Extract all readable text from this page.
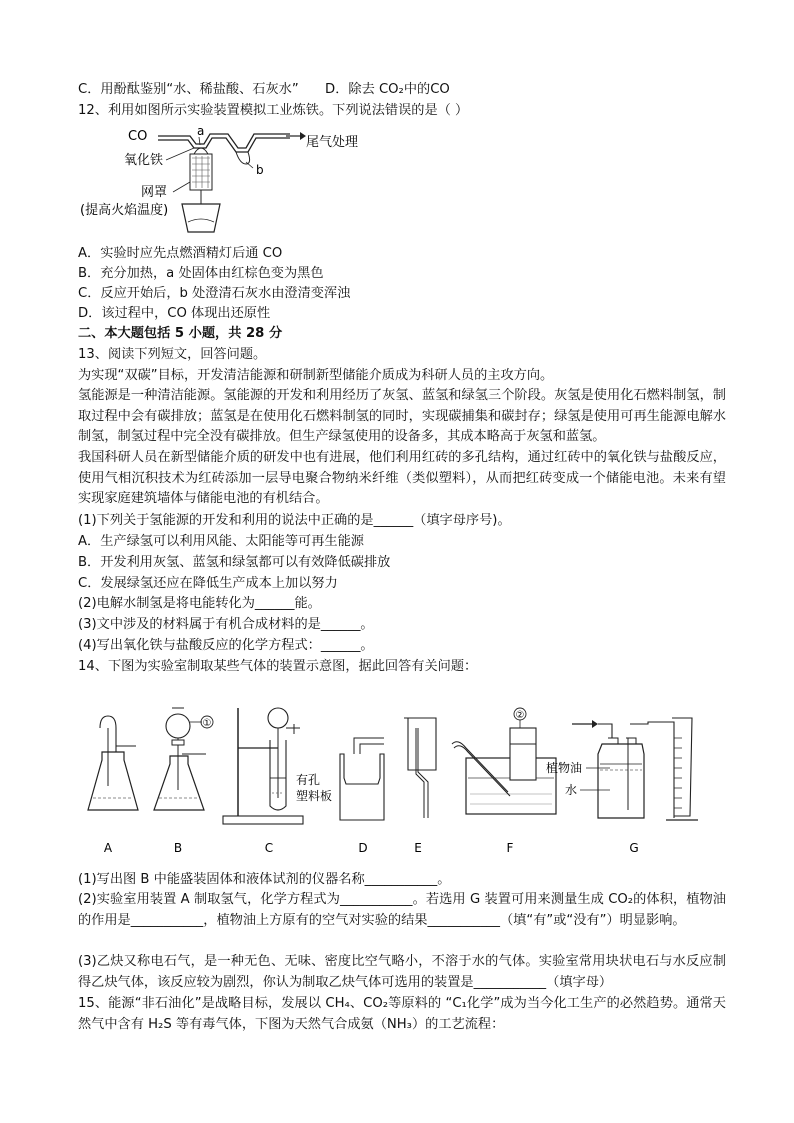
C．用酚酞鉴别“水、稀盐酸、石灰水”　　D．除去 CO₂中的CO
12、利用如图所示实验装置模拟工业炼铁。下列说法错误的是（ ）
CO	a
氧化铁
b
尾气处理
网罩
(提高火焰温度)
A．实验时应先点燃酒精灯后通 CO
B．充分加热，a 处固体由红棕色变为黑色
C．反应开始后，b 处澄清石灰水由澄清变浑浊
D．该过程中，CO 体现出还原性
二、本大题包括 5 小题，共 28 分
13、阅读下列短文，回答问题。
为实现“双碳”目标，开发清洁能源和研制新型储能介质成为科研人员的主攻方向。
氢能源是一种清洁能源。氢能源的开发和利用经历了灰氢、蓝氢和绿氢三个阶段。灰氢是使用化石燃料制氢，制取过程中会有碳排放；蓝氢是在使用化石燃料制氢的同时，实现碳捕集和碳封存；绿氢是使用可再生能源电解水制氢，制氢过程中完全没有碳排放。但生产绿氢使用的设备多，其成本略高于灰氢和蓝氢。
我国科研人员在新型储能介质的研发中也有进展，他们利用红砖的多孔结构，通过红砖中的氧化铁与盐酸反应，使用气相沉积技术为红砖添加一层导电聚合物纳米纤维（类似塑料），从而把红砖变成一个储能电池。未来有望实现家庭建筑墙体与储能电池的有机结合。
(1)下列关于氢能源的开发和利用的说法中正确的是______（填字母序号)。
A．生产绿氢可以利用风能、太阳能等可再生能源
B．开发利用灰氢、蓝氢和绿氢都可以有效降低碳排放
C．发展绿氢还应在降低生产成本上加以努力
(2)电解水制氢是将电能转化为______能。
(3)文中涉及的材料属于有机合成材料的是______。
(4)写出氧化铁与盐酸反应的化学方程式：______。
14、下图为实验室制取某些气体的装置示意图，据此回答有关问题：
A
①
B
有孔
塑料板
C	D	E
②
F
植物油
水
G
(1)写出图 B 中能盛装固体和液体试剂的仪器名称___________。
(2)实验室用装置 A 制取氢气，化学方程式为___________。若选用 G 装置可用来测量生成 CO₂的体积，植物油的作用是___________，植物油上方原有的空气对实验的结果___________（填“有”或“没有”）明显影响。
(3)乙炔又称电石气，是一种无色、无味、密度比空气略小，不溶于水的气体。实验室常用块状电石与水反应制得乙炔气体，该反应较为剧烈，你认为制取乙炔气体可选用的装置是___________（填字母）
15、能源“非石油化”是战略目标，发展以 CH₄、CO₂等原料的 “C₁化学”成为当今化工生产的必然趋势。通常天然气中含有 H₂S 等有毒气体，下图为天然气合成氨（NH₃）的工艺流程：
